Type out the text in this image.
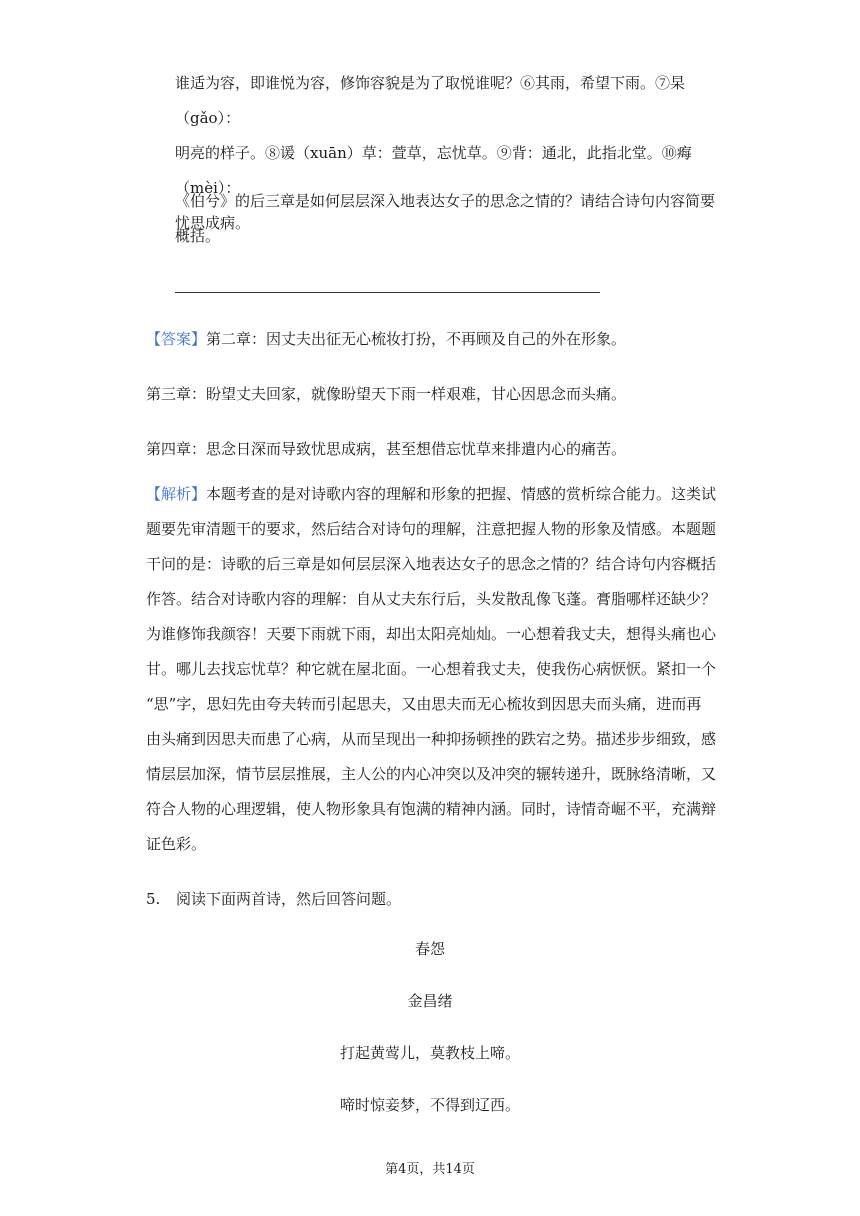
谁适为容，即谁悦为容，修饰容貌是为了取悦谁呢？⑥其雨，希望下雨。⑦杲（gǎo）：
明亮的样子。⑧谖（xuān）草：萱草，忘忧草。⑨背：通北，此指北堂。⑩痗（mèi）：
忧思成病。
《伯兮》的后三章是如何层层深入地表达女子的思念之情的？请结合诗句内容简要
概括。
【答案】第二章：因丈夫出征无心梳妆打扮，不再顾及自己的外在形象。
第三章：盼望丈夫回家，就像盼望天下雨一样艰难，甘心因思念而头痛。
第四章：思念日深而导致忧思成病，甚至想借忘忧草来排遣内心的痛苦。
【解析】本题考查的是对诗歌内容的理解和形象的把握、情感的赏析综合能力。这类试
题要先审清题干的要求，然后结合对诗句的理解，注意把握人物的形象及情感。本题题
干问的是：诗歌的后三章是如何层层深入地表达女子的思念之情的？结合诗句内容概括
作答。结合对诗歌内容的理解：自从丈夫东行后，头发散乱像飞蓬。膏脂哪样还缺少？
为谁修饰我颜容！天要下雨就下雨，却出太阳亮灿灿。一心想着我丈夫，想得头痛也心
甘。哪儿去找忘忧草？种它就在屋北面。一心想着我丈夫，使我伤心病恹恹。紧扣一个
“思”字，思妇先由夸夫转而引起思夫，又由思夫而无心梳妆到因思夫而头痛，进而再
由头痛到因思夫而患了心病，从而呈现出一种抑扬顿挫的跌宕之势。描述步步细致，感
情层层加深，情节层层推展，主人公的内心冲突以及冲突的辗转递升，既脉络清晰，又
符合人物的心理逻辑，使人物形象具有饱满的精神内涵。同时，诗情奇崛不平，充满辩
证色彩。
5. 阅读下面两首诗，然后回答问题。

春怨

金昌绪

打起黄莺儿，莫教枝上啼。

啼时惊妾梦，不得到辽西。

第4页，共14页
